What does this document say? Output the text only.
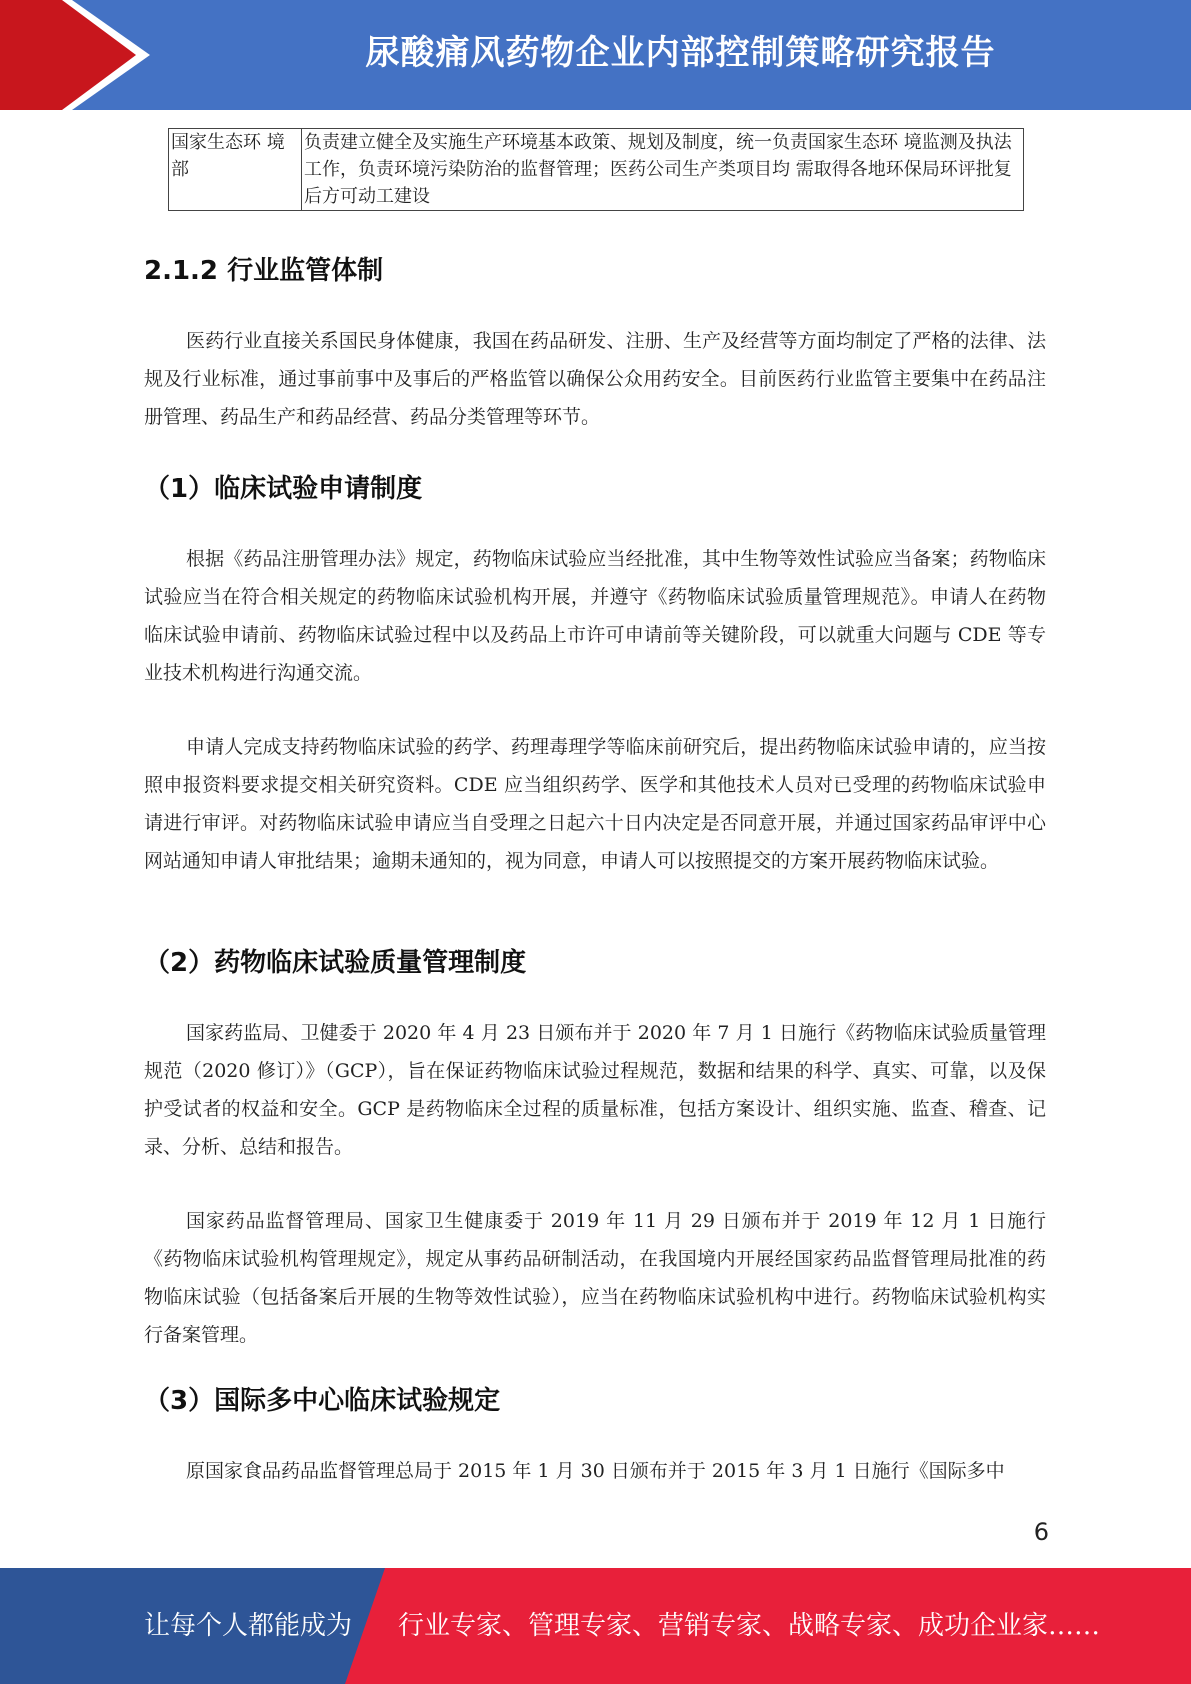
尿酸痛风药物企业内部控制策略研究报告
国家生态环 境部	负责建立健全及实施生产环境基本政策、规划及制度，统一负责国家生态环 境监测及执法工作，负责环境污染防治的监督管理；医药公司生产类项目均 需取得各地环保局环评批复后方可动工建设
2.1.2 行业监管体制

医药行业直接关系国民身体健康，我国在药品研发、注册、生产及经营等方面均制定了严格的法律、法规及行业标准，通过事前事中及事后的严格监管以确保公众用药安全。目前医药行业监管主要集中在药品注册管理、药品生产和药品经营、药品分类管理等环节。

（1）临床试验申请制度

根据《药品注册管理办法》规定，药物临床试验应当经批准，其中生物等效性试验应当备案；药物临床试验应当在符合相关规定的药物临床试验机构开展，并遵守《药物临床试验质量管理规范》。申请人在药物临床试验申请前、药物临床试验过程中以及药品上市许可申请前等关键阶段，可以就重大问题与 CDE 等专业技术机构进行沟通交流。

申请人完成支持药物临床试验的药学、药理毒理学等临床前研究后，提出药物临床试验申请的，应当按照申报资料要求提交相关研究资料。CDE 应当组织药学、医学和其他技术人员对已受理的药物临床试验申请进行审评。对药物临床试验申请应当自受理之日起六十日内决定是否同意开展，并通过国家药品审评中心网站通知申请人审批结果；逾期未通知的，视为同意，申请人可以按照提交的方案开展药物临床试验。

（2）药物临床试验质量管理制度

国家药监局、卫健委于 2020 年 4 月 23 日颁布并于 2020 年 7 月 1 日施行《药物临床试验质量管理规范（2020 修订）》（GCP），旨在保证药物临床试验过程规范，数据和结果的科学、真实、可靠，以及保护受试者的权益和安全。GCP 是药物临床全过程的质量标准，包括方案设计、组织实施、监查、稽查、记录、分析、总结和报告。

国家药品监督管理局、国家卫生健康委于 2019 年 11 月 29 日颁布并于 2019 年 12 月 1 日施行《药物临床试验机构管理规定》，规定从事药品研制活动，在我国境内开展经国家药品监督管理局批准的药物临床试验（包括备案后开展的生物等效性试验），应当在药物临床试验机构中进行。药物临床试验机构实行备案管理。

（3）国际多中心临床试验规定

原国家食品药品监督管理总局于 2015 年 1 月 30 日颁布并于 2015 年 3 月 1 日施行《国际多中

6
让每个人都能成为 行业专家、管理专家、营销专家、战略专家、成功企业家……
